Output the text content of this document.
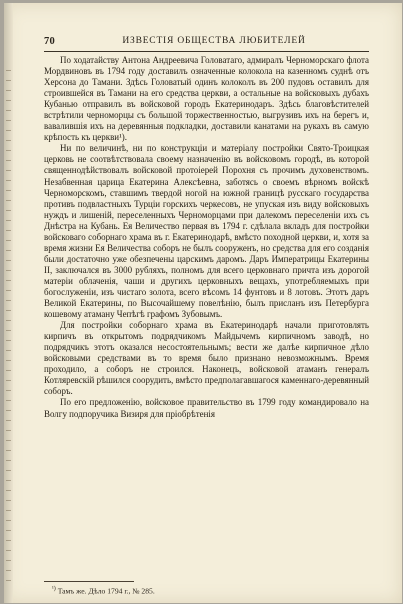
70	ИЗВЕСТІЯ ОБЩЕСТВА ЛЮБИТЕЛЕЙ

По ходатайству Антона Андреевича Головатаго, адмиралъ Черноморскаго флота Мордвиновъ въ 1794 году доставилъ означенные колокола на казенномъ суднѣ отъ Херсона до Тамани. Здѣсь Головатый одинъ колоколъ въ 200 пудовъ оставилъ для строившейся въ Тамани на его средства церкви, а остальные на войсковыхъ дубахъ Кубанью отправилъ въ войсковой городъ Екатеринодаръ. Здѣсь благовѣстителей встрѣтили черноморцы съ большой торжественностью, выгрузивъ ихъ на берегъ и, вавалившія ихъ на деревянныя подкладки, доставили канатами на рукахъ въ самую крѣпость къ церкви¹).

Ни по величинѣ, ни по конструкціи и матеріалу постройки Свято-Троицкая церковь не соотвѣтствовала своему назначенію въ войсковомъ городѣ, въ которой священнодѣйствовалъ войсковой протоіерей Порохня съ прочимъ духовенствомъ. Незабвенная царица Екатерина Алексѣевна, заботясь о своемъ вѣрномъ войскѣ Черноморскомъ, ставшимъ твердой ногой на южной границѣ русскаго государства противъ подвластныхъ Турціи горскихъ черкесовъ, не упуская изъ виду войсковыхъ нуждъ и лишеній, переселенныхъ Черноморцами при далекомъ переселеніи ихъ съ Днѣстра на Кубань. Ея Величество первая въ 1794 г. сдѣлала вкладъ для постройки войсковаго соборнаго храма въ г. Екатеринодарѣ, вмѣсто походной церкви, и, хотя за время жизни Ея Величества соборъ не былъ сооруженъ, но средства для его созданія были достаточно уже обезпечены царскимъ даромъ. Даръ Императрицы Екатерины II, заключался въ 3000 рубляхъ, полномъ для всего церковнаго причта изъ дорогой матеріи облаченія, чаши и другихъ церковныхъ вещахъ, употребляемыхъ при богослуженіи, изъ чистаго золота, всего вѣсомъ 14 фунтовъ и 8 лотовъ. Этотъ даръ Великой Екатерины, по Высочайшему повелѣнію, былъ присланъ изъ Петербурга кошевому атаману Чепѣгѣ графомъ Зубовымъ.

Для постройки соборнаго храма въ Екатеринодарѣ начали приготовлять кирпичъ въ открытомъ подрядчикомъ Майдычемъ кирпичномъ заводѣ, но подрядчикъ этотъ оказался несостоятельнымъ; вести же далѣе кирпичное дѣло войсковыми средствами въ то время было признано невозможнымъ. Время проходило, а соборъ не строился. Наконецъ, войсковой атаманъ генералъ Котляревскій рѣшился соорудить, вмѣсто предполагавшагося каменнаго-деревянный соборъ.

По его предложенію, войсковое правительство въ 1799 году командировало на Волгу подпоручика Визиря для пріобрѣтенія

$^{^1)}$ Тамъ же. Дѣло 1794 г., № 285.
